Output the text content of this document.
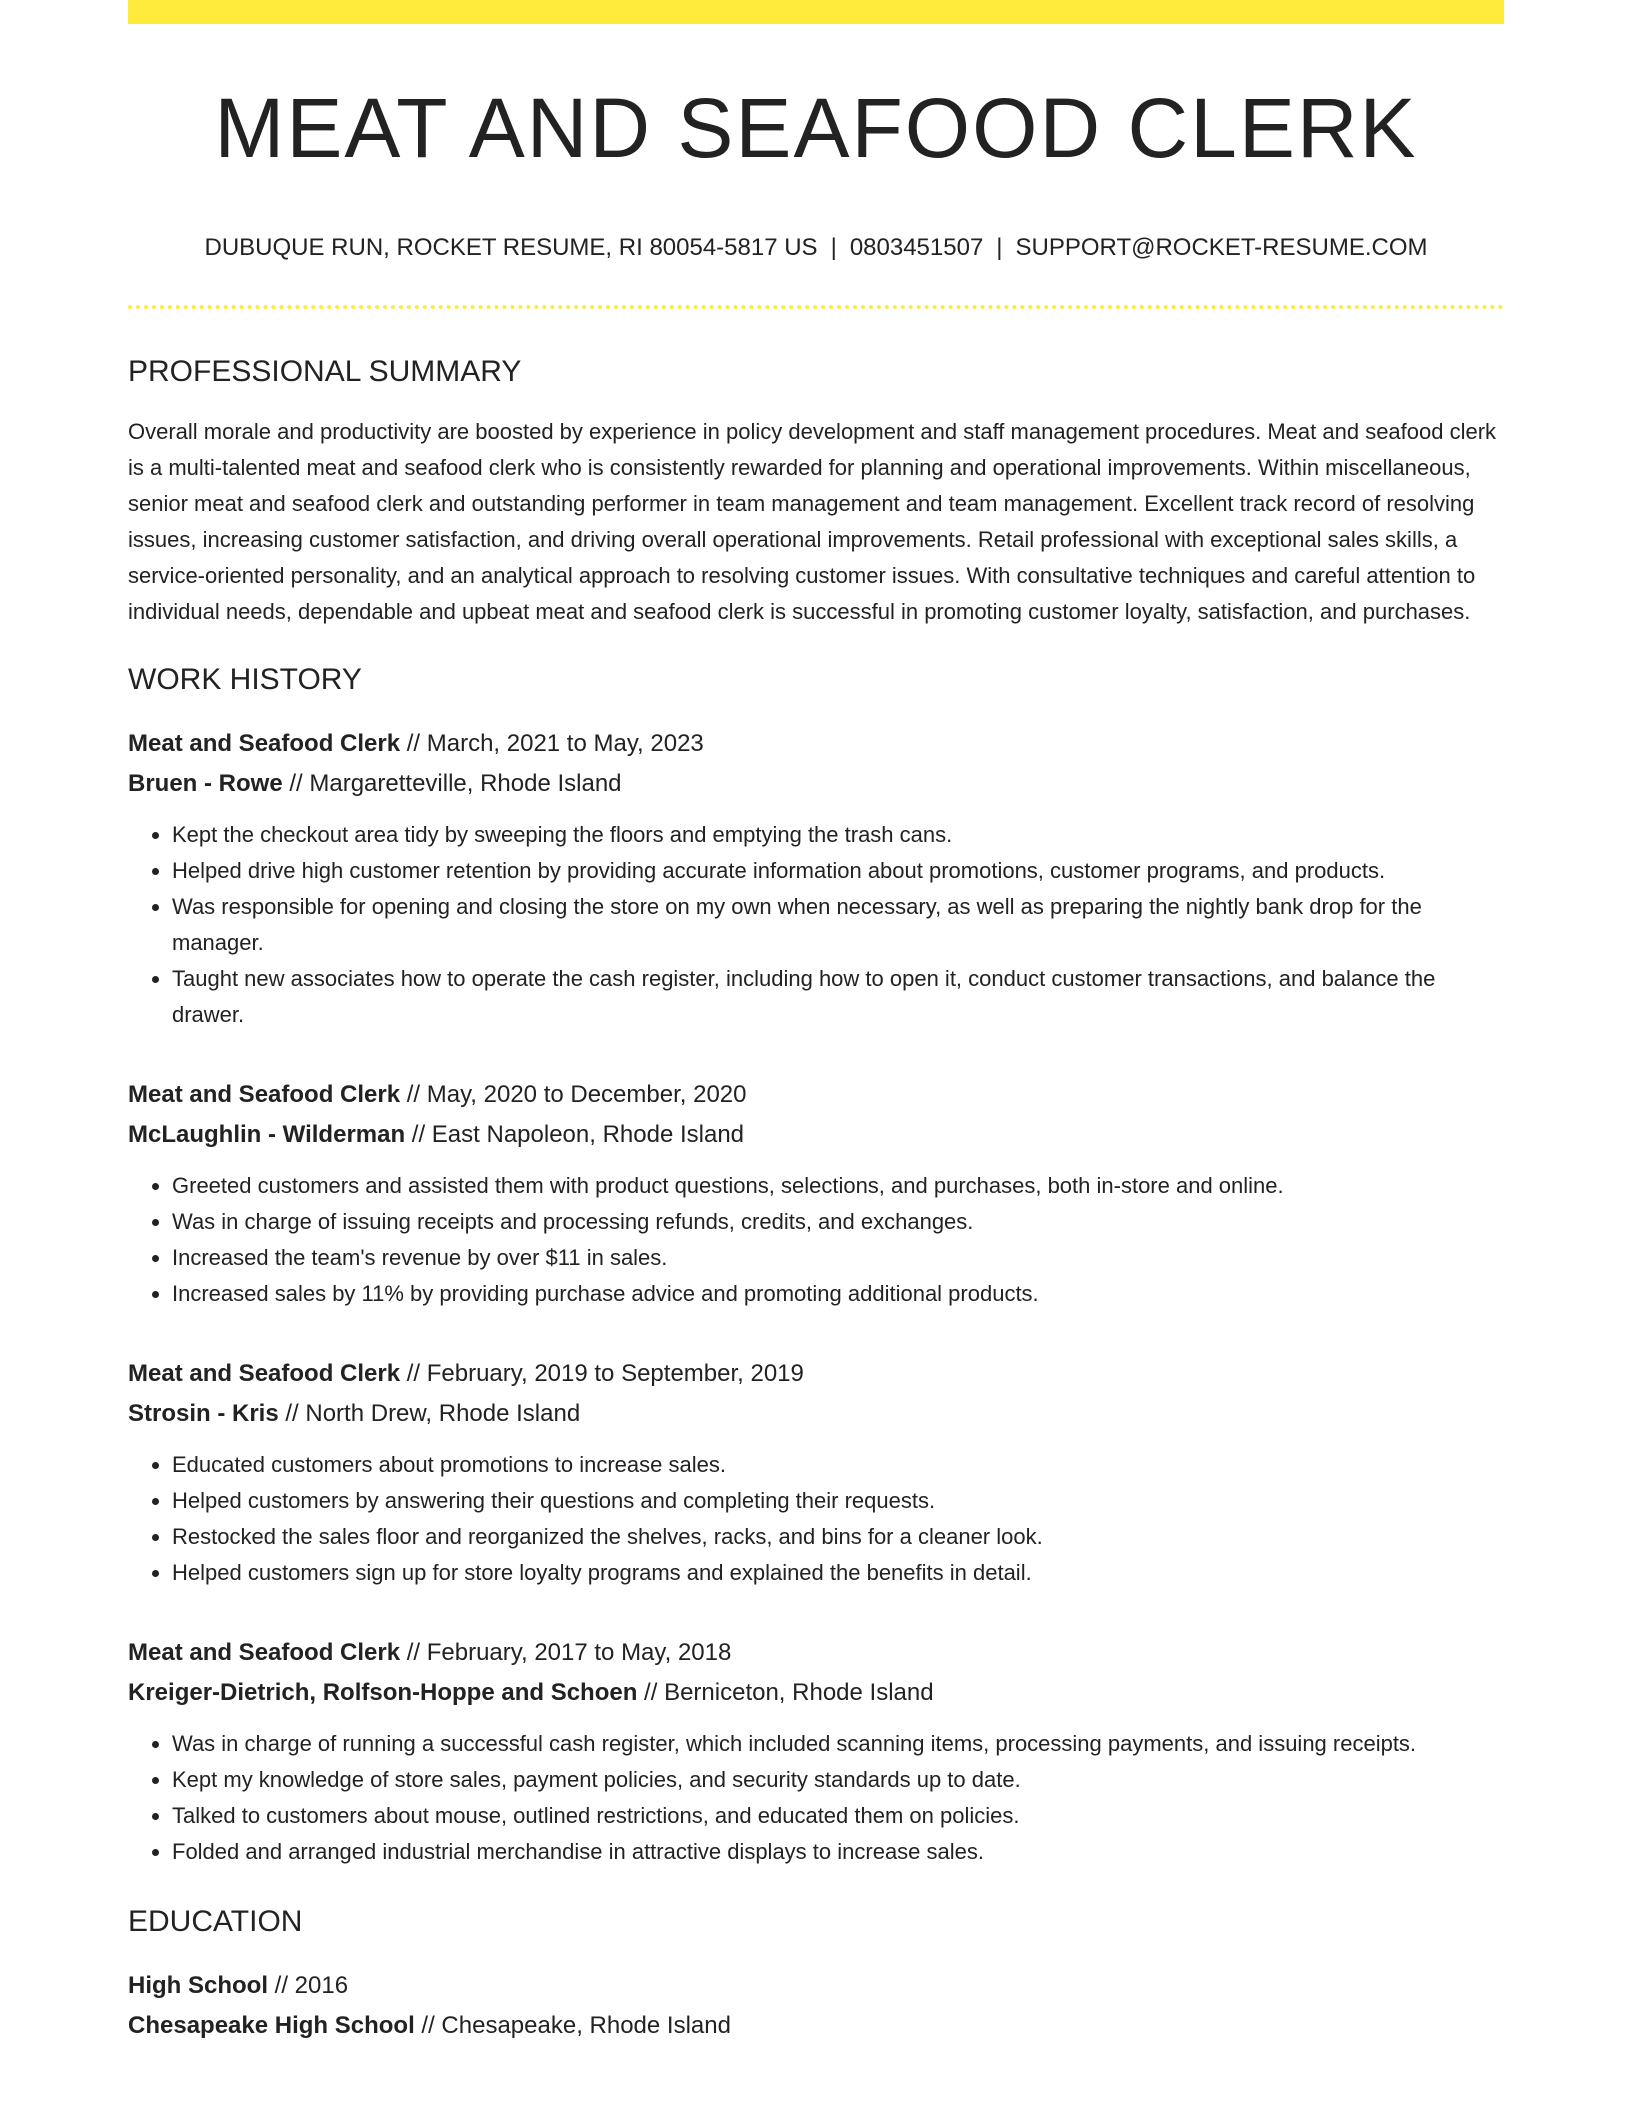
MEAT AND SEAFOOD CLERK
DUBUQUE RUN, ROCKET RESUME, RI 80054-5817 US | 0803451507 | SUPPORT@ROCKET-RESUME.COM
PROFESSIONAL SUMMARY

Overall morale and productivity are boosted by experience in policy development and staff management procedures. Meat and seafood clerk is a multi-talented meat and seafood clerk who is consistently rewarded for planning and operational improvements. Within miscellaneous, senior meat and seafood clerk and outstanding performer in team management and team management. Excellent track record of resolving issues, increasing customer satisfaction, and driving overall operational improvements. Retail professional with exceptional sales skills, a service-oriented personality, and an analytical approach to resolving customer issues. With consultative techniques and careful attention to individual needs, dependable and upbeat meat and seafood clerk is successful in promoting customer loyalty, satisfaction, and purchases.

WORK HISTORY
Meat and Seafood Clerk // March, 2021 to May, 2023
Bruen - Rowe // Margaretteville, Rhode Island
• Kept the checkout area tidy by sweeping the floors and emptying the trash cans.
• Helped drive high customer retention by providing accurate information about promotions, customer programs, and products.
• Was responsible for opening and closing the store on my own when necessary, as well as preparing the nightly bank drop for the manager.
• Taught new associates how to operate the cash register, including how to open it, conduct customer transactions, and balance the drawer.
Meat and Seafood Clerk // May, 2020 to December, 2020
McLaughlin - Wilderman // East Napoleon, Rhode Island
• Greeted customers and assisted them with product questions, selections, and purchases, both in-store and online.
• Was in charge of issuing receipts and processing refunds, credits, and exchanges.
• Increased the team's revenue by over $11 in sales.
• Increased sales by 11% by providing purchase advice and promoting additional products.
Meat and Seafood Clerk // February, 2019 to September, 2019
Strosin - Kris // North Drew, Rhode Island
• Educated customers about promotions to increase sales.
• Helped customers by answering their questions and completing their requests.
• Restocked the sales floor and reorganized the shelves, racks, and bins for a cleaner look.
• Helped customers sign up for store loyalty programs and explained the benefits in detail.
Meat and Seafood Clerk // February, 2017 to May, 2018
Kreiger-Dietrich, Rolfson-Hoppe and Schoen // Berniceton, Rhode Island
• Was in charge of running a successful cash register, which included scanning items, processing payments, and issuing receipts.
• Kept my knowledge of store sales, payment policies, and security standards up to date.
• Talked to customers about mouse, outlined restrictions, and educated them on policies.
• Folded and arranged industrial merchandise in attractive displays to increase sales.
EDUCATION
High School // 2016
Chesapeake High School // Chesapeake, Rhode Island
